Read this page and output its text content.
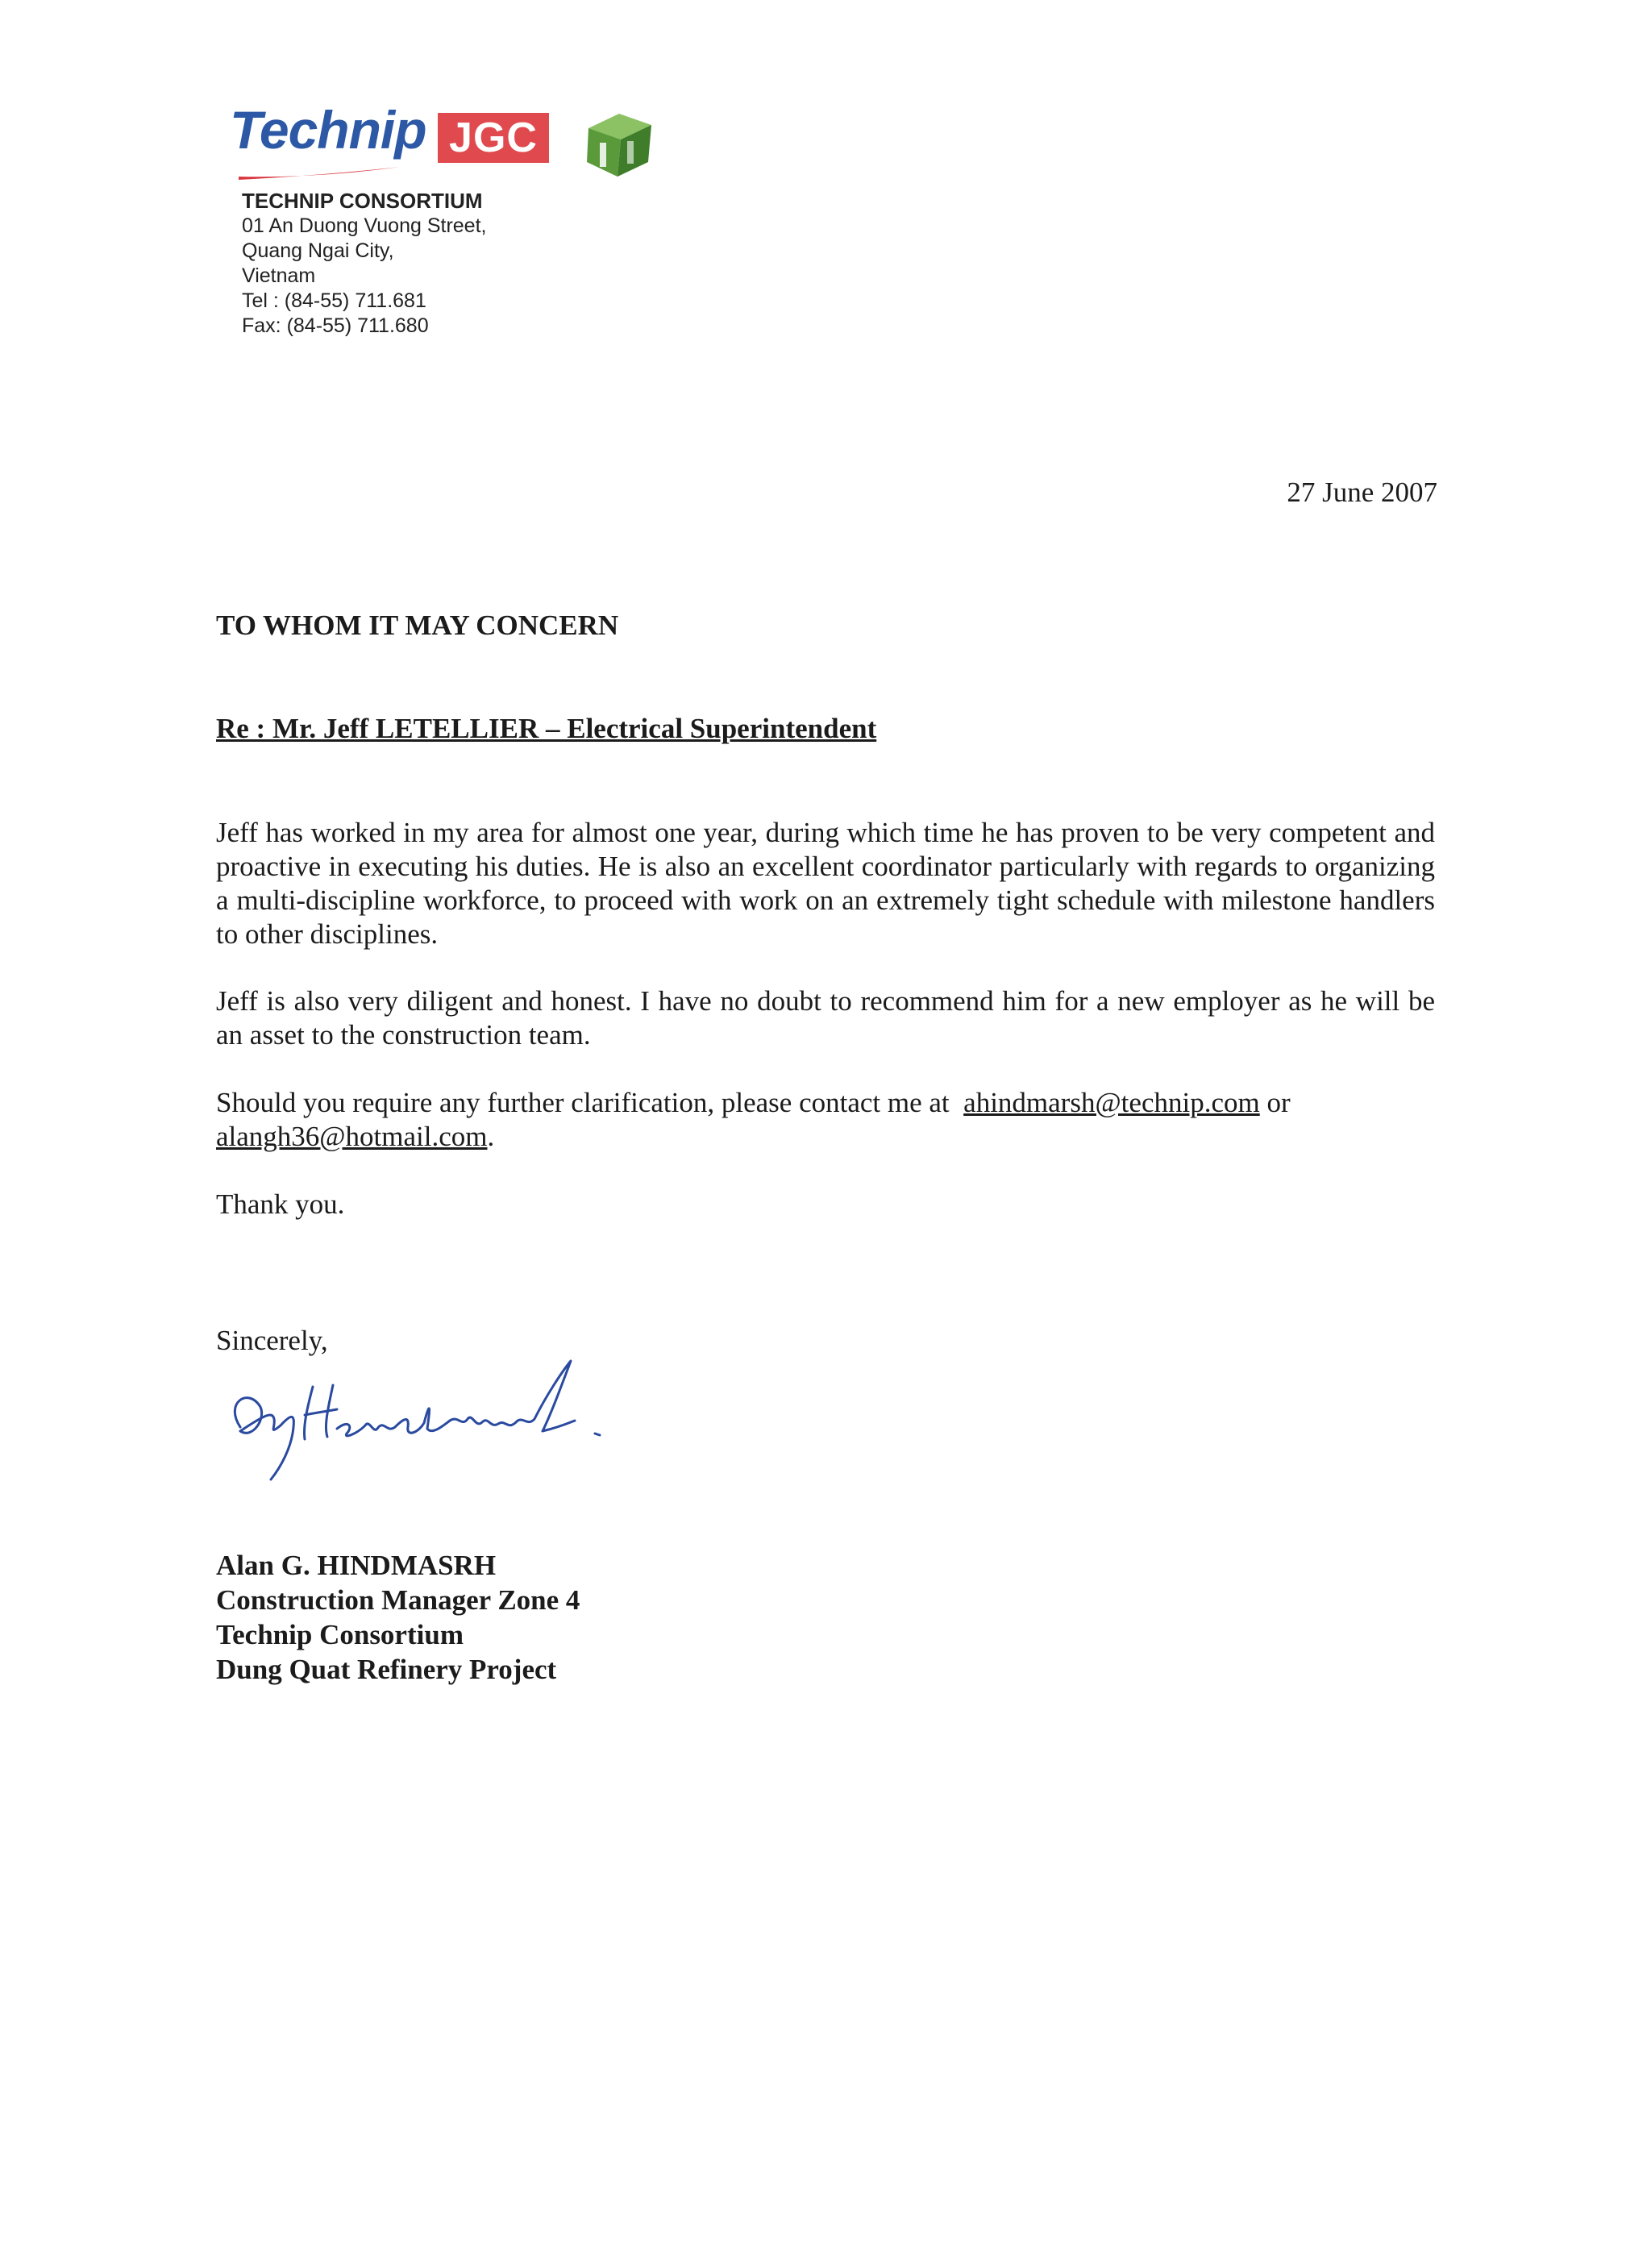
Technip JGC
TECHNIP CONSORTIUM
01 An Duong Vuong Street,
Quang Ngai City,
Vietnam
Tel : (84-55) 711.681
Fax: (84-55) 711.680
27 June 2007
TO WHOM IT MAY CONCERN
Re : Mr. Jeff LETELLIER – Electrical Superintendent

Jeff has worked in my area for almost one year, during which time he has proven to be very competent and proactive in executing his duties. He is also an excellent coordinator particularly with regards to organizing a multi-discipline workforce, to proceed with work on an extremely tight schedule with milestone handlers to other disciplines.

Jeff is also very diligent and honest. I have no doubt to recommend him for a new employer as he will be an asset to the construction team.

Should you require any further clarification, please contact me at ahindmarsh@technip.com or
alangh36@hotmail.com.

Thank you.

Sincerely,
Alan G. HINDMASRH
Construction Manager Zone 4
Technip Consortium
Dung Quat Refinery Project
